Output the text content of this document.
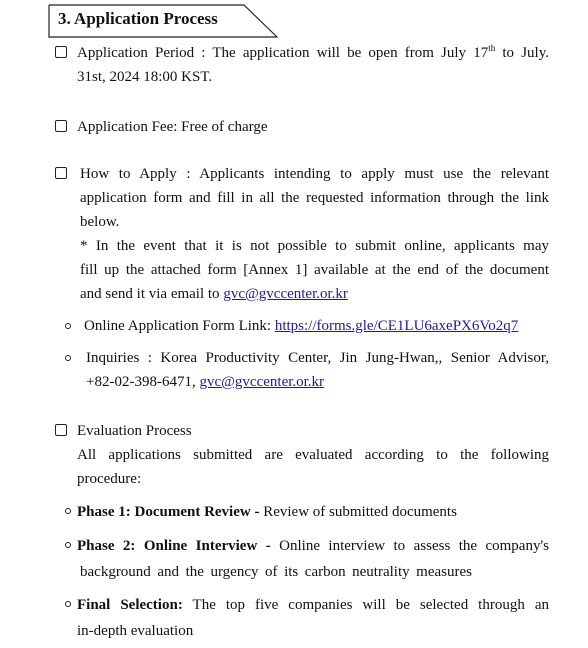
3. Application Process
Application Period : The application will be open from July 17th to July.
31st, 2024 18:00 KST.
Application Fee: Free of charge
How to Apply : Applicants intending to apply must use the relevant
application form and fill in all the requested information through the link
below.
* In the event that it is not possible to submit online, applicants may
fill up the attached form [Annex 1] available at the end of the document
and send it via email to gvc@gvccenter.or.kr
Online Application Form Link: https://forms.gle/CE1LU6axePX6Vo2q7
Inquiries : Korea Productivity Center, Jin Jung-Hwan,, Senior Advisor,
+82-02-398-6471, gvc@gvccenter.or.kr
Evaluation Process
All applications submitted are evaluated according to the following
procedure:
Phase 1: Document Review - Review of submitted documents
Phase 2: Online Interview - Online interview to assess the company's
background and the urgency of its carbon neutrality measures
Final Selection: The top five companies will be selected through an
in-depth evaluation
